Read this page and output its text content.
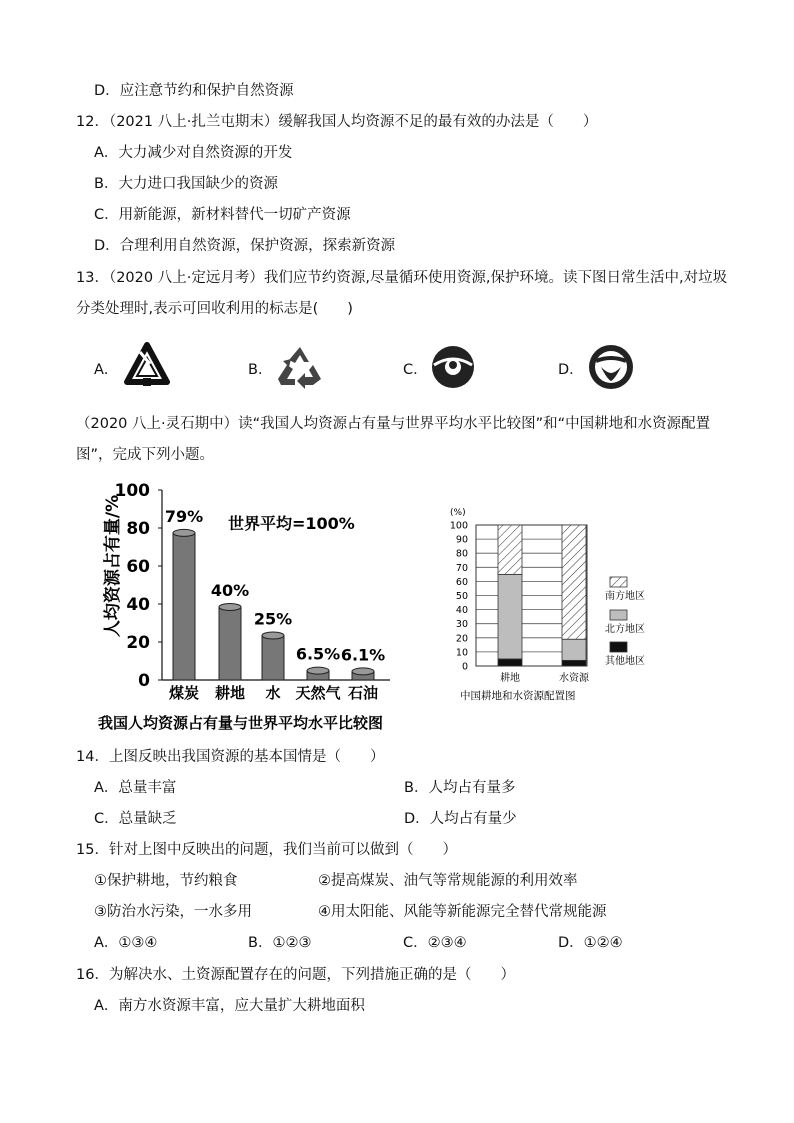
D．应注意节约和保护自然资源
12．（2021 八上·扎兰屯期末）缓解我国人均资源不足的最有效的办法是（　　）
A．大力减少对自然资源的开发
B．大力进口我国缺少的资源
C．用新能源，新材料替代一切矿产资源
D．合理利用自然资源，保护资源，探索新资源
13．（2020 八上·定远月考）我们应节约资源,尽量循环使用资源,保护环境。读下图日常生活中,对垃圾
分类处理时,表示可回收利用的标志是(　　)
A．	B．	C．	D．
（2020 八上·灵石期中）读“我国人均资源占有量与世界平均水平比较图”和“中国耕地和水资源配置
图”，完成下列小题。
人均资源占有量/%	世界平均=100%
我国人均资源占有量与世界平均水平比较图
79%
煤炭
40%
耕地
25%
水
6.5%
天然气
6.1%
石油
100
80
60
40
20
0
(%)
100
90
80
70
60
50
40
30
20
10
0
耕地	水资源
南方地区
北方地区
其他地区
中国耕地和水资源配置图
14．上图反映出我国资源的基本国情是（　　）
A．总量丰富	B．人均占有量多
C．总量缺乏	D．人均占有量少
15．针对上图中反映出的问题，我们当前可以做到（　　）
①保护耕地，节约粮食	②提高煤炭、油气等常规能源的利用效率
③防治水污染，一水多用	④用太阳能、风能等新能源完全替代常规能源
A．①③④	B．①②③	C．②③④	D．①②④
16．为解决水、土资源配置存在的问题，下列措施正确的是（　　）
A．南方水资源丰富，应大量扩大耕地面积
